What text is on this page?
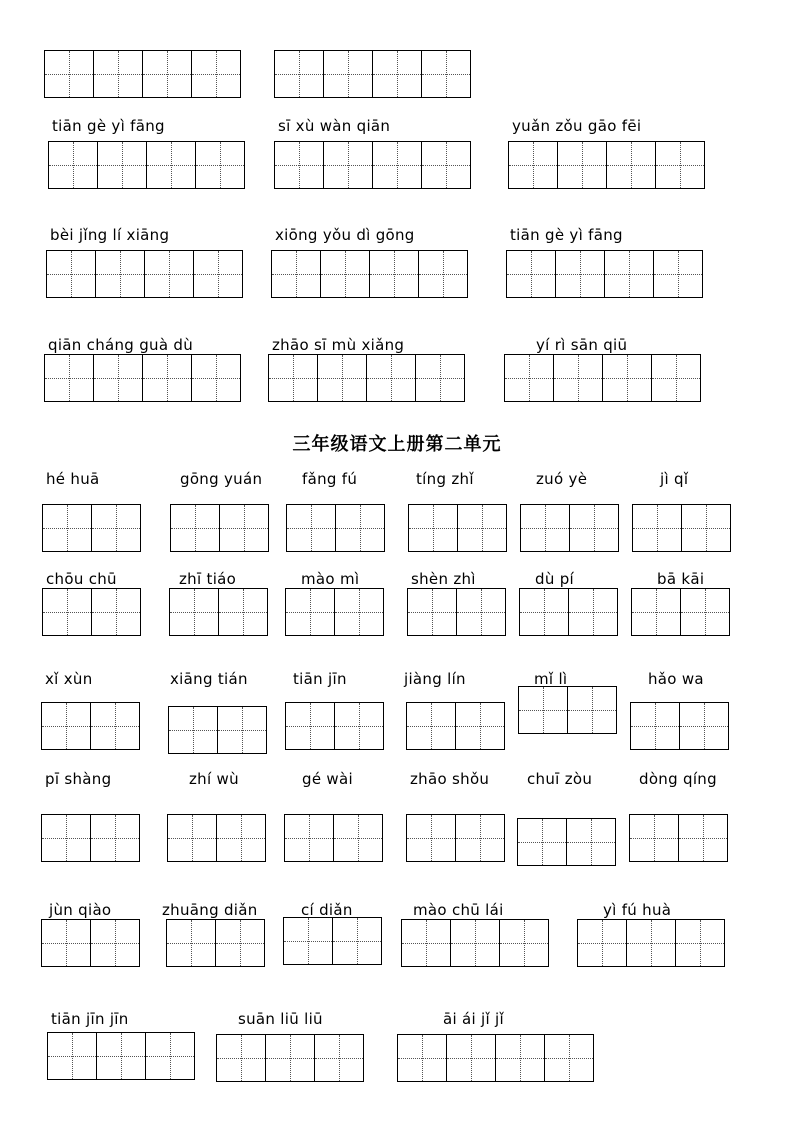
三年级语文上册第二单元
tiān gè yì fāng	sī xù wàn qiān	yuǎn zǒu gāo fēi
bèi jǐng lí xiāng	xiōng yǒu dì gōng	tiān gè yì fāng
qiān cháng guà dù	zhāo sī mù xiǎng	yí rì sān qiū
hé huā	gōng yuán	fǎng fú	tíng zhǐ	zuó yè	jì qǐ
chōu chū	zhī tiáo	mào mì	shèn zhì	dù pí	bā kāi
xǐ xùn	xiāng tián	tiān jīn	jiàng lín	mǐ lì	hǎo wa
pī shàng	zhí wù	gé wài	zhāo shǒu	chuī zòu	dòng qíng
jùn qiào	zhuāng diǎn	cí diǎn	mào chū lái	yì fú huà
tiān jīn jīn	suān liū liū	āi ái jǐ jǐ
